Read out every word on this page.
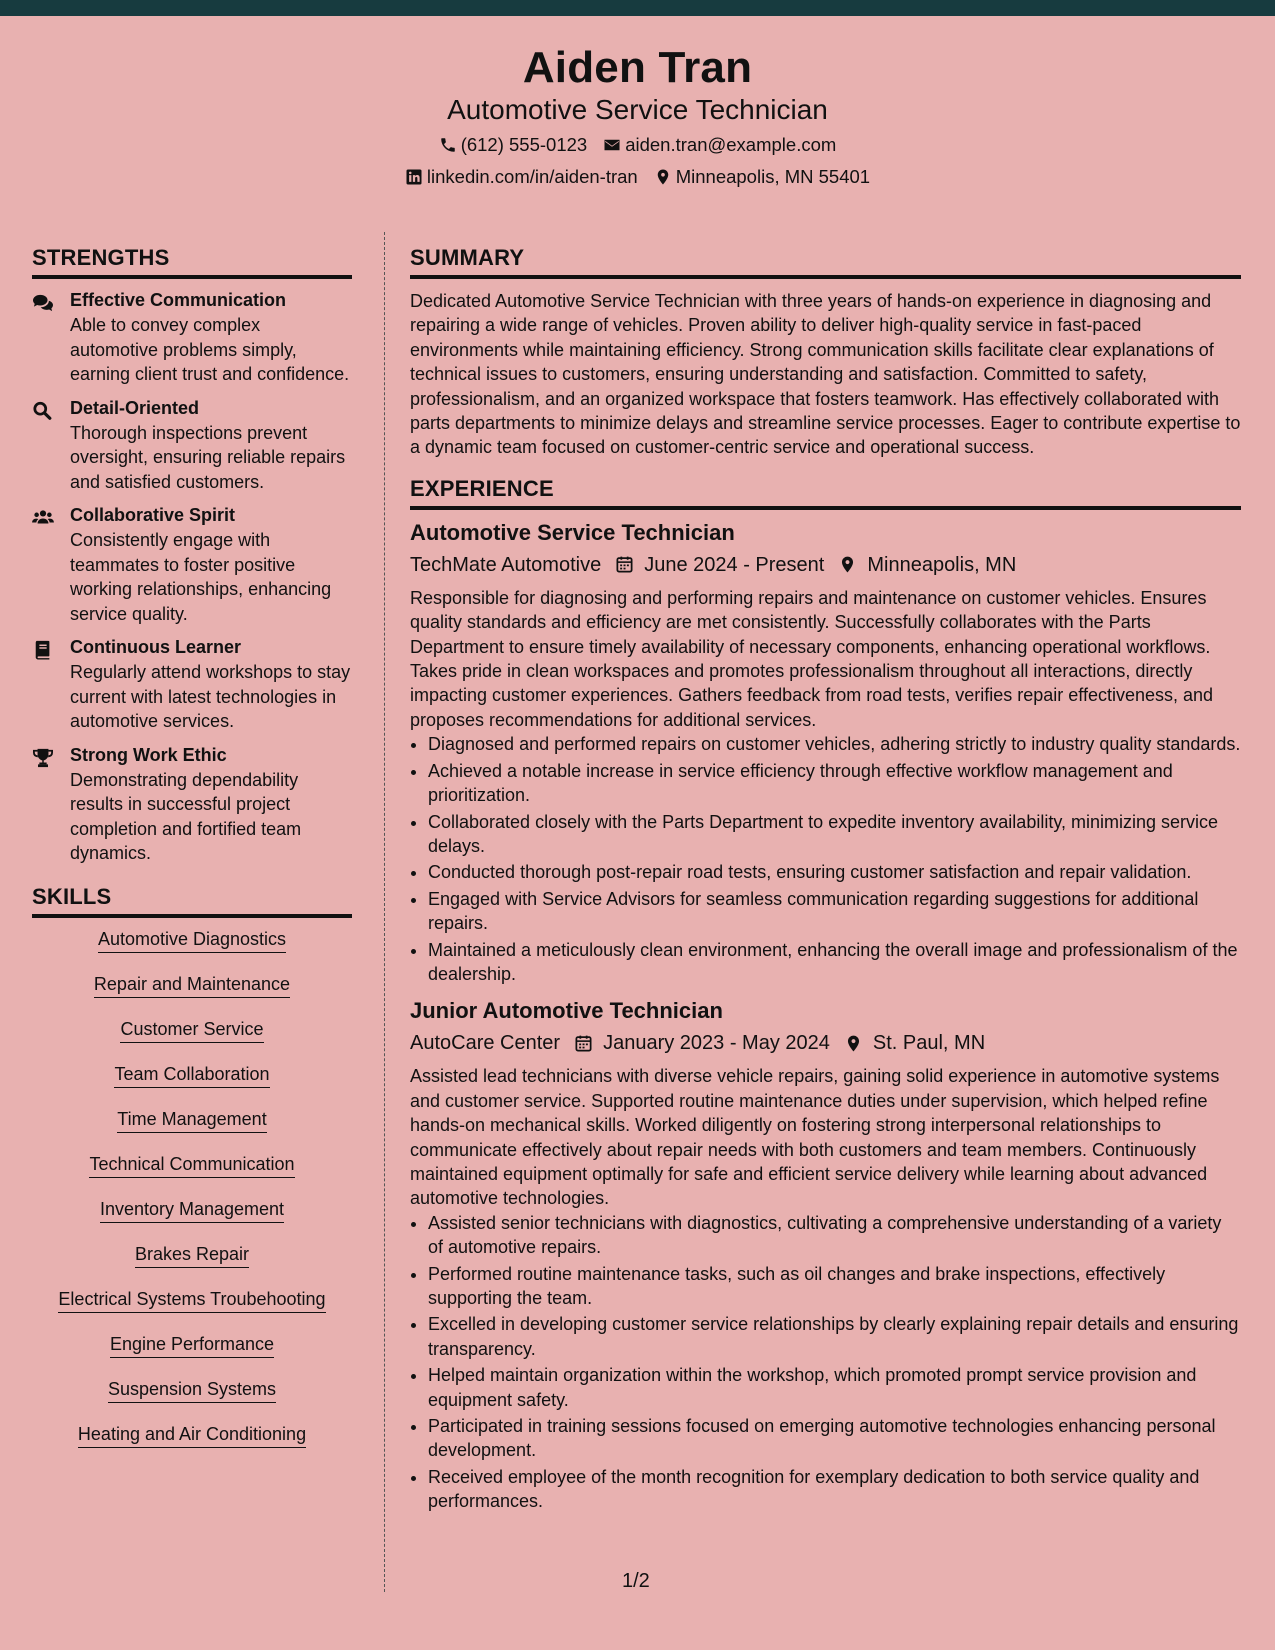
Aiden Tran
Automotive Service Technician
(612) 555-0123 aiden.tran@example.com
linkedin.com/in/aiden-tran Minneapolis, MN 55401
STRENGTHS
Effective Communication
Able to convey complex automotive problems simply, earning client trust and confidence.
Detail-Oriented
Thorough inspections prevent oversight, ensuring reliable repairs and satisfied customers.
Collaborative Spirit
Consistently engage with teammates to foster positive working relationships, enhancing service quality.
Continuous Learner
Regularly attend workshops to stay current with latest technologies in automotive services.
Strong Work Ethic
Demonstrating dependability results in successful project completion and fortified team dynamics.
SKILLS
Automotive Diagnostics
Repair and Maintenance
Customer Service
Team Collaboration
Time Management
Technical Communication
Inventory Management
Brakes Repair
Electrical Systems Troubehooting
Engine Performance
Suspension Systems
Heating and Air Conditioning
SUMMARY

Dedicated Automotive Service Technician with three years of hands-on experience in diagnosing and repairing a wide range of vehicles. Proven ability to deliver high-quality service in fast-paced environments while maintaining efficiency. Strong communication skills facilitate clear explanations of technical issues to customers, ensuring understanding and satisfaction. Committed to safety, professionalism, and an organized workspace that fosters teamwork. Has effectively collaborated with parts departments to minimize delays and streamline service processes. Eager to contribute expertise to a dynamic team focused on customer-centric service and operational success.

EXPERIENCE
Automotive Service Technician
TechMate Automotive June 2024 - Present Minneapolis, MN

Responsible for diagnosing and performing repairs and maintenance on customer vehicles. Ensures quality standards and efficiency are met consistently. Successfully collaborates with the Parts Department to ensure timely availability of necessary components, enhancing operational workflows. Takes pride in clean workspaces and promotes professionalism throughout all interactions, directly impacting customer experiences. Gathers feedback from road tests, verifies repair effectiveness, and proposes recommendations for additional services.

• Diagnosed and performed repairs on customer vehicles, adhering strictly to industry quality standards.
• Achieved a notable increase in service efficiency through effective workflow management and prioritization.
• Collaborated closely with the Parts Department to expedite inventory availability, minimizing service delays.
• Conducted thorough post-repair road tests, ensuring customer satisfaction and repair validation.
• Engaged with Service Advisors for seamless communication regarding suggestions for additional repairs.
• Maintained a meticulously clean environment, enhancing the overall image and professionalism of the dealership.
Junior Automotive Technician
AutoCare Center January 2023 - May 2024 St. Paul, MN

Assisted lead technicians with diverse vehicle repairs, gaining solid experience in automotive systems and customer service. Supported routine maintenance duties under supervision, which helped refine hands-on mechanical skills. Worked diligently on fostering strong interpersonal relationships to communicate effectively about repair needs with both customers and team members. Continuously maintained equipment optimally for safe and efficient service delivery while learning about advanced automotive technologies.

• Assisted senior technicians with diagnostics, cultivating a comprehensive understanding of a variety of automotive repairs.
• Performed routine maintenance tasks, such as oil changes and brake inspections, effectively supporting the team.
• Excelled in developing customer service relationships by clearly explaining repair details and ensuring transparency.
• Helped maintain organization within the workshop, which promoted prompt service provision and equipment safety.
• Participated in training sessions focused on emerging automotive technologies enhancing personal development.
• Received employee of the month recognition for exemplary dedication to both service quality and performances.
1/2
